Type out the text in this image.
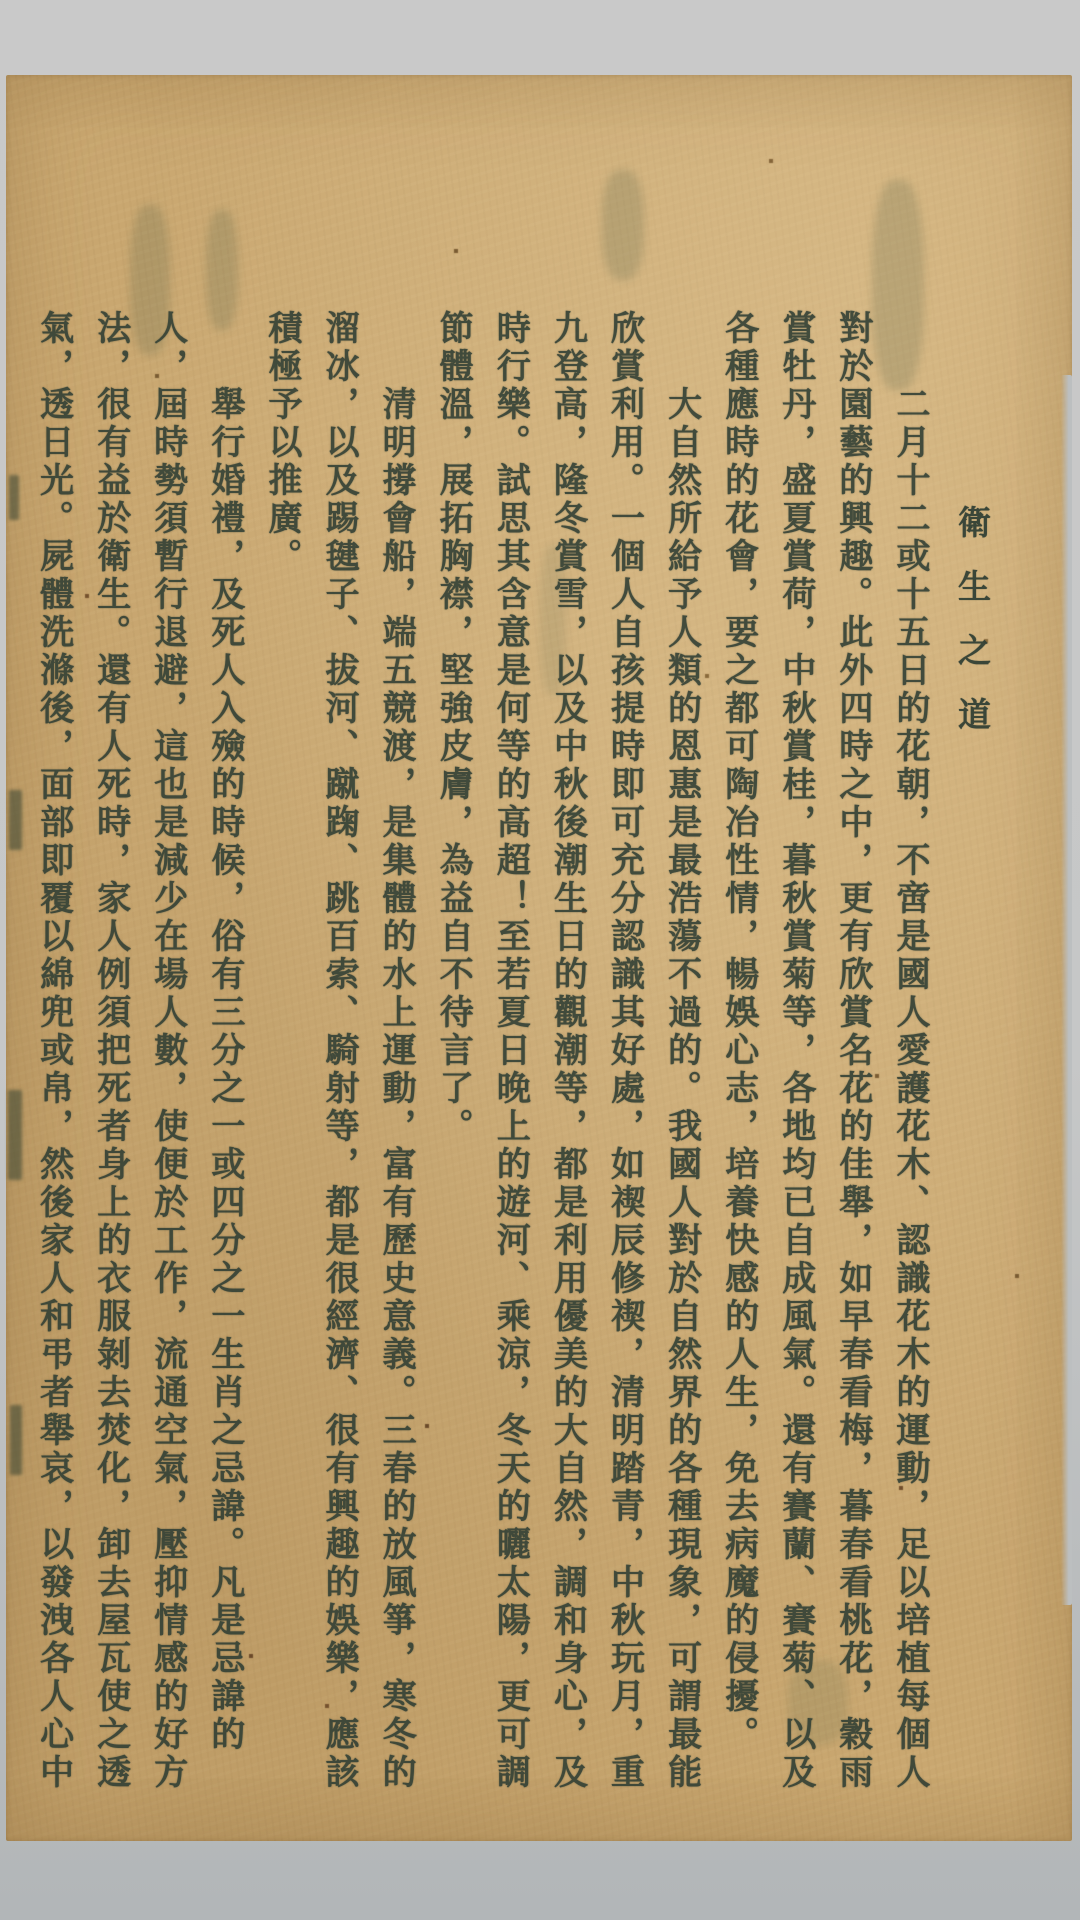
衛生之道
二月十二或十五日的花朝，不啻是國人愛護花木、認識花木的運動，足以培植每個人
對於園藝的興趣。此外四時之中，更有欣賞名花的佳舉，如早春看梅，暮春看桃花，穀雨
賞牡丹，盛夏賞荷，中秋賞桂，暮秋賞菊等，各地均已自成風氣。還有賽蘭、賽菊、以及
各種應時的花會，要之都可陶冶性情，暢娛心志，培養快感的人生，免去病魔的侵擾。
大自然所給予人類的恩惠是最浩蕩不過的。我國人對於自然界的各種現象，可謂最能
欣賞利用。一個人自孩提時即可充分認識其好處，如禊辰修禊，清明踏青，中秋玩月，重
九登高，隆冬賞雪，以及中秋後潮生日的觀潮等，都是利用優美的大自然，調和身心，及
時行樂。試思其含意是何等的高超！至若夏日晚上的遊河、乘涼，冬天的曬太陽，更可調
節體溫，展拓胸襟，堅強皮膚，為益自不待言了。
清明撐會船，端五競渡，是集體的水上運動，富有歷史意義。三春的放風箏，寒冬的
溜冰，以及踢毽子、拔河、蹴踘、跳百索、騎射等，都是很經濟、很有興趣的娛樂，應該
積極予以推廣。
舉行婚禮，及死人入殮的時候，俗有三分之一或四分之一生肖之忌諱。凡是忌諱的
人，屆時勢須暫行退避，這也是減少在場人數，使便於工作，流通空氣，壓抑情感的好方
法，很有益於衛生。還有人死時，家人例須把死者身上的衣服剝去焚化，卸去屋瓦使之透
氣，透日光。屍體洗滌後，面部即覆以綿兜或帛，然後家人和弔者舉哀，以發洩各人心中
